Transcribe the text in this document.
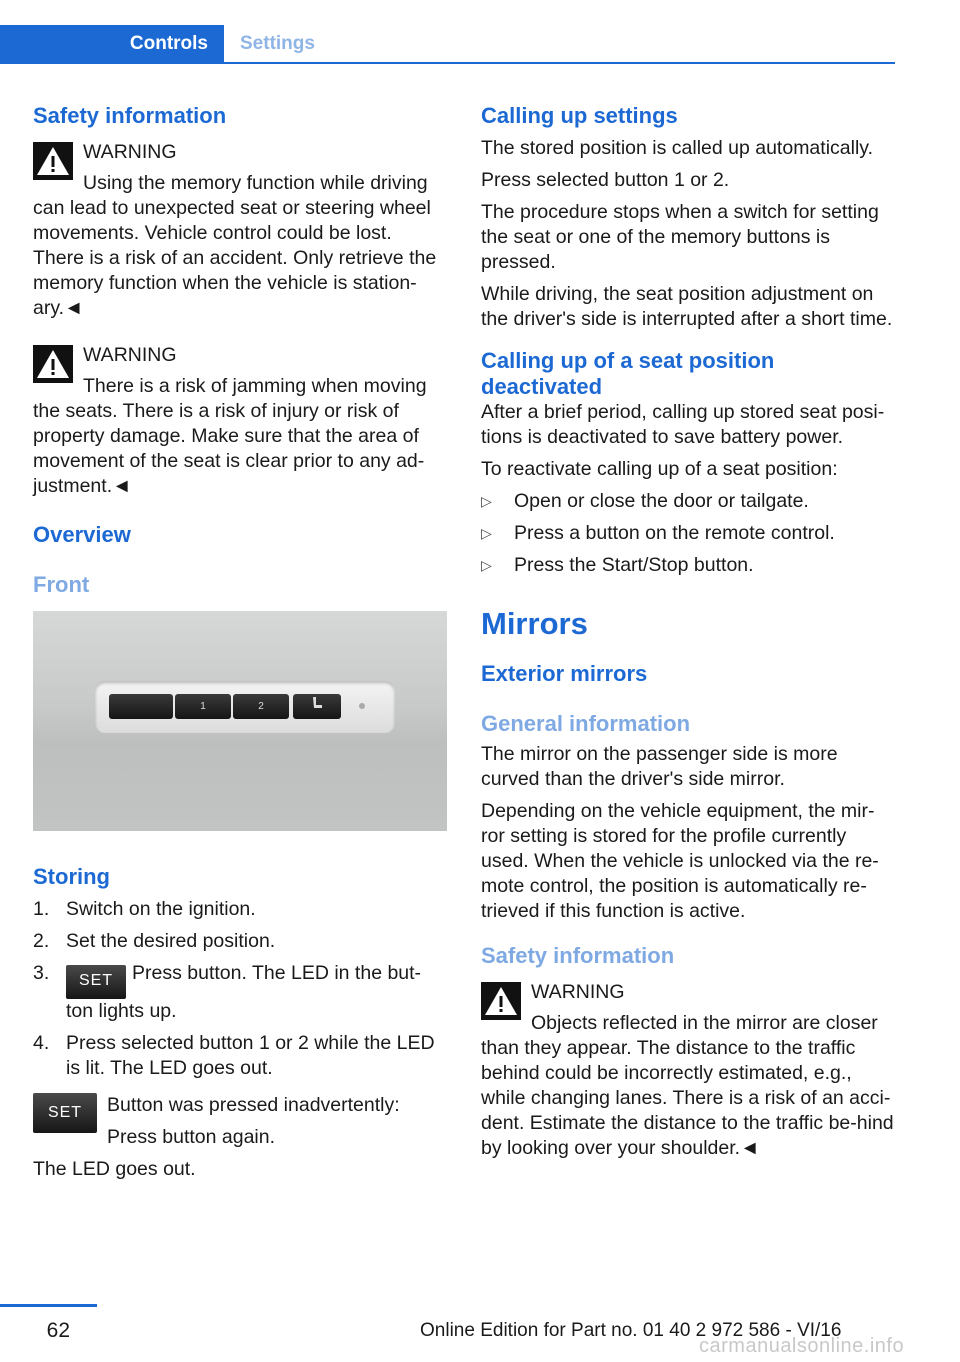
Controls	Settings
Safety information
WARNING

Using the memory function while driving can lead to unexpected seat or steering wheel movements. Vehicle control could be lost. There is a risk of an accident. Only retrieve the memory function when the vehicle is station‐ary.◄

WARNING

There is a risk of jamming when moving the seats. There is a risk of injury or risk of property damage. Make sure that the area of movement of the seat is clear prior to any ad‐justment.◄

Overview
Front
1	2
Storing
1. Switch on the ignition.
2. Set the desired position.
3. SET Press button. The LED in the but‐ton lights up.
4. Press selected button 1 or 2 while the LED is lit. The LED goes out.
SET	Button was pressed inadvertently:

Press button again.

The LED goes out.

Calling up settings

The stored position is called up automatically.

Press selected button 1 or 2.

The procedure stops when a switch for setting the seat or one of the memory buttons is pressed.

While driving, the seat position adjustment on the driver's side is interrupted after a short time.

Calling up of a seat position deactivated

After a brief period, calling up stored seat posi‐tions is deactivated to save battery power.

To reactivate calling up of a seat position:

▷ Open or close the door or tailgate.
▷ Press a button on the remote control.
▷ Press the Start/Stop button.
Mirrors
Exterior mirrors
General information

The mirror on the passenger side is more curved than the driver's side mirror.

Depending on the vehicle equipment, the mir‐ror setting is stored for the profile currently used. When the vehicle is unlocked via the re‐mote control, the position is automatically re‐trieved if this function is active.

Safety information
WARNING

Objects reflected in the mirror are closer than they appear. The distance to the traffic behind could be incorrectly estimated, e.g., while changing lanes. There is a risk of an acci‐dent. Estimate the distance to the traffic be‐hind by looking over your shoulder.◄

62	Online Edition for Part no. 01 40 2 972 586 - VI/16
carmanualsonline.info
